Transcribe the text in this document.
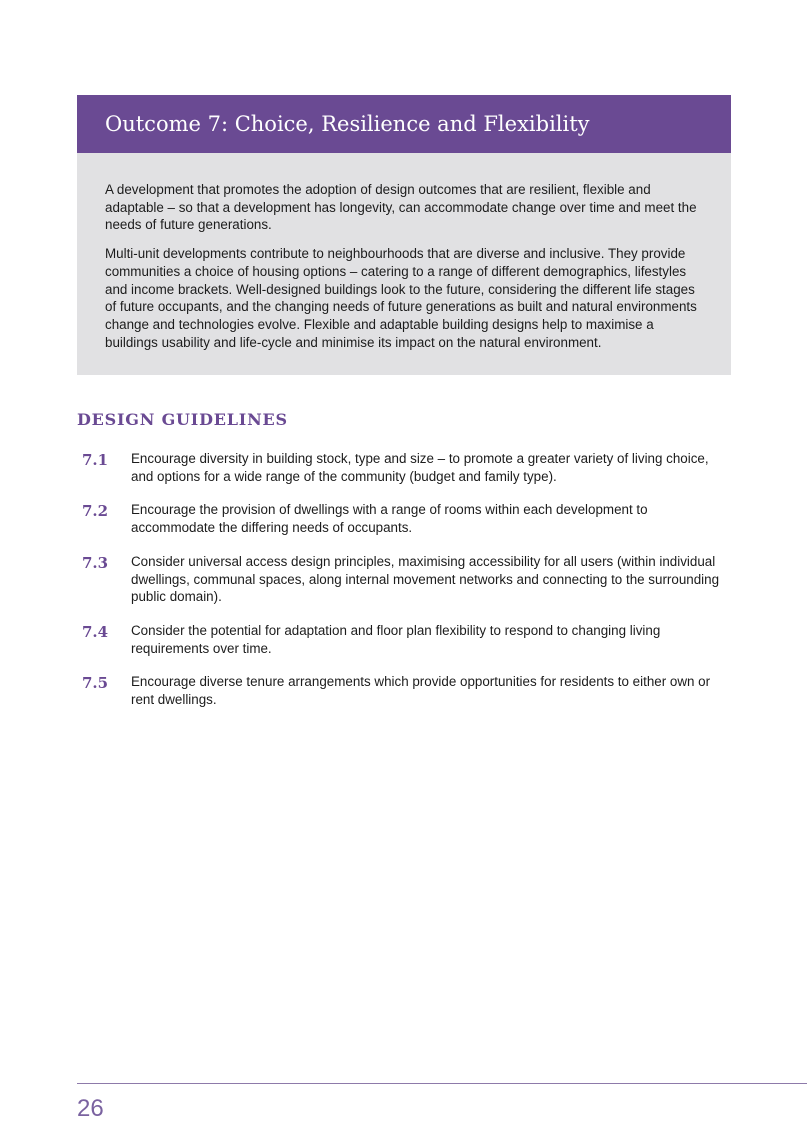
Outcome 7: Choice, Resilience and Flexibility

A development that promotes the adoption of design outcomes that are resilient, flexible and adaptable – so that a development has longevity, can accommodate change over time and meet the needs of future generations.

Multi-unit developments contribute to neighbourhoods that are diverse and inclusive. They provide communities a choice of housing options – catering to a range of different demographics, lifestyles and income brackets. Well-designed buildings look to the future, considering the different life stages of future occupants, and the changing needs of future generations as built and natural environments change and technologies evolve. Flexible and adaptable building designs help to maximise a buildings usability and life-cycle and minimise its impact on the natural environment.

DESIGN GUIDELINES
7.1 Encourage diversity in building stock, type and size – to promote a greater variety of living choice, and options for a wide range of the community (budget and family type).
7.2 Encourage the provision of dwellings with a range of rooms within each development to accommodate the differing needs of occupants.
7.3 Consider universal access design principles, maximising accessibility for all users (within individual dwellings, communal spaces, along internal movement networks and connecting to the surrounding public domain).
7.4 Consider the potential for adaptation and floor plan flexibility to respond to changing living requirements over time.
7.5 Encourage diverse tenure arrangements which provide opportunities for residents to either own or rent dwellings.
26
